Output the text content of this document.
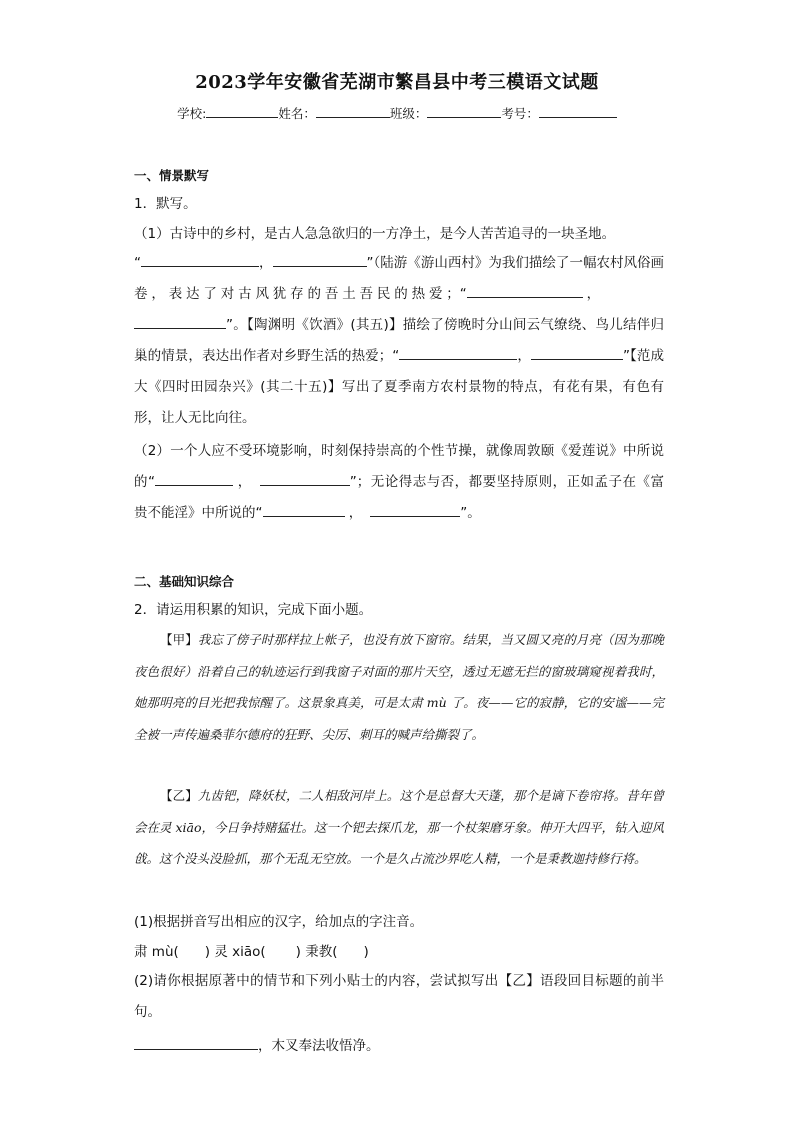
2023学年安徽省芜湖市繁昌县中考三模语文试题
学校:	姓名：	班级：	考号：
一、情景默写
1．默写。
（1）古诗中的乡村，是古人急急欲归的一方净土，是今人苦苦追寻的一块圣地。

“	，	”（陆游《游山西村》为我们描绘了一幅农村风俗画卷，表达了对古风犹存的吾土吾民的热爱；“	，”。【陶渊明《饮酒》(其五)】描绘了傍晚时分山间云气缭绕、鸟儿结伴归巢的情景，表达出作者对乡野生活的热爱；“	，	”【范成大《四时田园杂兴》(其二十五)】写出了夏季南方农村景物的特点，有花有果，有色有形，让人无比向往。

（2）一个人应不受环境影响，时刻保持崇高的个性节操，就像周敦颐《爱莲说》中所说的“	，	”；无论得志与否，都要坚持原则，正如孟子在《富贵不能淫》中所说的“	，	”。

二、基础知识综合
2．请运用积累的知识，完成下面小题。

【甲】我忘了傍子时那样拉上帐子，也没有放下窗帘。结果，当又圆又亮的月亮（因为那晚夜色很好）沿着自己的轨迹运行到我窗子对面的那片天空，透过无遮无拦的窗玻璃窥视着我时，她那明亮的目光把我惊醒了。这景象真美，可是太肃 mù 了。夜——它的寂静，它的安谧——完全被一声传遍桑菲尔德府的狂野、尖厉、刺耳的喊声给撕裂了。

【乙】九齿钯，降妖杖，二人相敌河岸上。这个是总督大天蓬，那个是谪下卷帘将。昔年曾会在灵 xiāo，今日争持赌猛壮。这一个钯去探爪龙，那一个杖架磨牙象。伸开大四平，钻入迎风戗。这个没头没脸抓，那个无乱无空放。一个是久占流沙界吃人精，一个是秉教迦持修行将。

(1)根据拼音写出相应的汉字，给加点的字注音。
肃 mù( ) 灵 xiāo( ) 秉教( )

(2)请你根据原著中的情节和下列小贴士的内容，尝试拟写出【乙】语段回目标题的前半句。

，木叉奉法收悟净。
